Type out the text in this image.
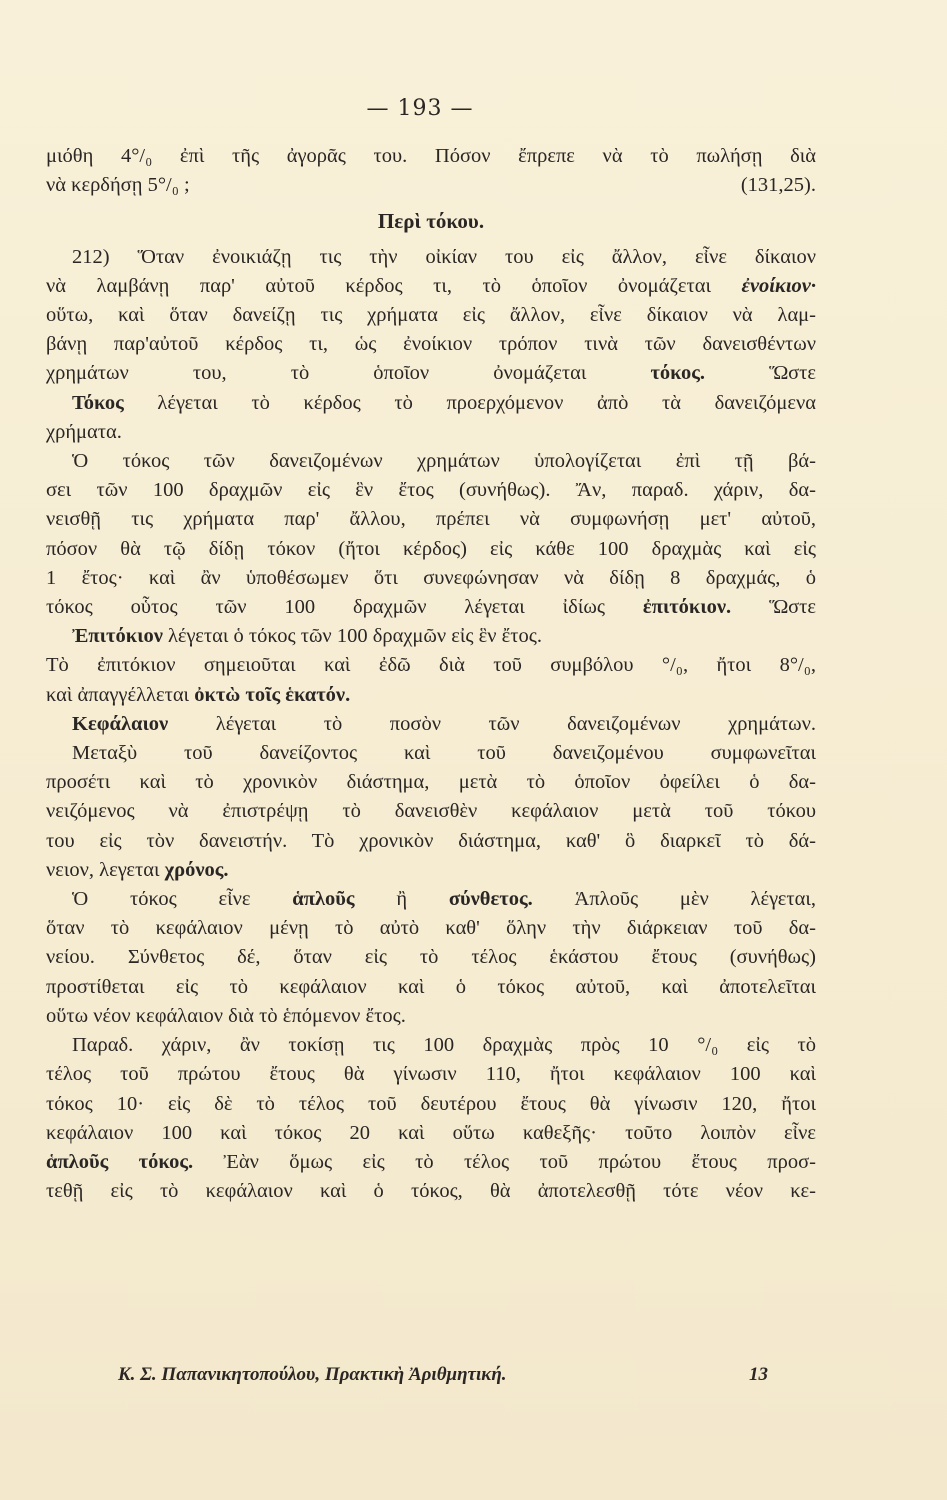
— 193 —
μιόθη 4°/₀ ἐπὶ τῆς ἀγορᾶς του. Πόσον ἔπρεπε νὰ τὸ πωλήσῃ διὰ
νὰ κερδήσῃ 5°/₀ ;	(131,25).

Περὶ τόκου.

212) Ὅταν ἐνοικιάζῃ τις τὴν οἰκίαν του εἰς ἄλλον, εἶνε δίκαιον
νὰ λαμβάνῃ παρ' αὐτοῦ κέρδος τι, τὸ ὁποῖον ὀνομάζεται ἐνοίκιον·
οὕτω, καὶ ὅταν δανείζῃ τις χρήματα εἰς ἄλλον, εἶνε δίκαιον νὰ λαμ-
βάνῃ παρ'αὐτοῦ κέρδος τι, ὡς ἐνοίκιον τρόπον τινὰ τῶν δανεισθέντων
χρημάτων του, τὸ ὁποῖον ὀνομάζεται	τόκος.	Ὥστε
Τόκος λέγεται τὸ κέρδος τὸ προερχόμενον ἀπὸ τὰ δανειζόμενα
χρήματα.
Ὁ τόκος τῶν δανειζομένων χρημάτων ὑπολογίζεται ἐπὶ τῇ βά-
σει τῶν 100 δραχμῶν εἰς ἓν ἔτος (συνήθως). Ἄν, παραδ. χάριν, δα-
νεισθῇ τις χρήματα παρ' ἄλλου, πρέπει νὰ συμφωνήσῃ μετ' αὐτοῦ,
πόσον θὰ τῷ δίδῃ τόκον (ἤτοι κέρδος) εἰς κάθε 100 δραχμὰς καὶ εἰς
1 ἔτος· καὶ ἂν ὑποθέσωμεν ὅτι συνεφώνησαν νὰ δίδῃ 8 δραχμάς, ὁ
τόκος οὗτος τῶν 100 δραχμῶν λέγεται ἰδίως ἐπιτόκιον. Ὥστε
Ἐπιτόκιον λέγεται ὁ τόκος τῶν 100 δραχμῶν εἰς ἓν ἔτος.
Τὸ ἐπιτόκιον σημειοῦται καὶ ἐδῶ διὰ τοῦ συμβόλου °/₀, ἤτοι 8°/₀,
καὶ ἀπαγγέλλεται ὀκτὼ τοῖς ἑκατόν.
Κεφάλαιον λέγεται τὸ ποσὸν τῶν δανειζομένων χρημάτων.
Μεταξὺ τοῦ δανείζοντος καὶ τοῦ δανειζομένου συμφωνεῖται
προσέτι καὶ τὸ χρονικὸν διάστημα, μετὰ τὸ ὁποῖον ὀφείλει ὁ δα-
νειζόμενος νὰ ἐπιστρέψῃ τὸ δανεισθὲν κεφάλαιον μετὰ τοῦ τόκου
του εἰς τὸν δανειστήν. Τὸ χρονικὸν διάστημα, καθ' ὃ διαρκεῖ τὸ δά-
νειον, λεγεται χρόνος.
Ὁ τόκος εἶνε ἁπλοῦς ἢ σύνθετος. Ἁπλοῦς μὲν λέγεται,
ὅταν τὸ κεφάλαιον μένῃ τὸ αὐτὸ καθ' ὅλην τὴν διάρκειαν τοῦ δα-
νείου. Σύνθετος δέ, ὅταν εἰς τὸ τέλος ἑκάστου ἔτους (συνήθως)
προστίθεται εἰς τὸ κεφάλαιον καὶ ὁ τόκος αὐτοῦ, καὶ ἀποτελεῖται
οὕτω νέον κεφάλαιον διὰ τὸ ἑπόμενον ἔτος.
Παραδ. χάριν, ἂν τοκίσῃ τις 100 δραχμὰς πρὸς 10 °/₀ εἰς τὸ
τέλος τοῦ πρώτου ἔτους θὰ γίνωσιν 110, ἤτοι κεφάλαιον 100 καὶ
τόκος 10· εἰς δὲ τὸ τέλος τοῦ δευτέρου ἔτους θὰ γίνωσιν 120, ἤτοι
κεφάλαιον 100 καὶ τόκος 20 καὶ οὕτω καθεξῆς· τοῦτο λοιπὸν εἶνε
ἁπλοῦς τόκος. Ἐὰν ὅμως εἰς τὸ τέλος τοῦ πρώτου ἔτους προσ-
τεθῇ εἰς τὸ κεφάλαιον καὶ ὁ τόκος, θὰ ἀποτελεσθῇ τότε νέον κε-
Κ. Σ. Παπανικητοπούλου, Πρακτικὴ Ἀριθμητική.	13
